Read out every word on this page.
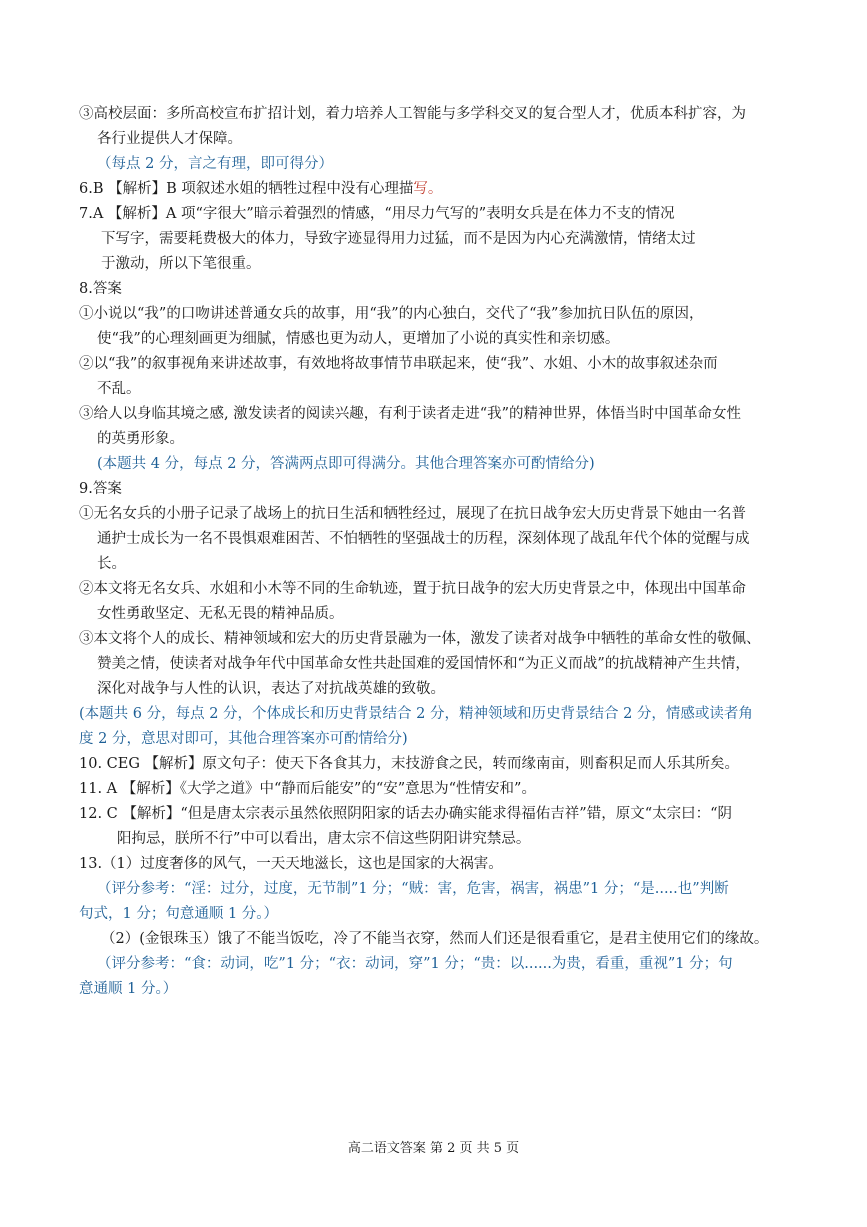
③高校层面：多所高校宣布扩招计划，着力培养人工智能与多学科交叉的复合型人才，优质本科扩容，为
各行业提供人才保障。
（每点 2 分，言之有理，即可得分）
6.B 【解析】B 项叙述水姐的牺牲过程中没有心理描写。
7.A 【解析】A 项“字很大”暗示着强烈的情感，“用尽力气写的”表明女兵是在体力不支的情况
下写字，需要耗费极大的体力，导致字迹显得用力过猛，而不是因为内心充满激情，情绪太过
于激动，所以下笔很重。
8.答案
①小说以“我”的口吻讲述普通女兵的故事，用“我”的内心独白，交代了“我”参加抗日队伍的原因，
使“我”的心理刻画更为细腻，情感也更为动人，更增加了小说的真实性和亲切感。
②以“我”的叙事视角来讲述故事，有效地将故事情节串联起来，使“我”、水姐、小木的故事叙述杂而
不乱。
③给人以身临其境之感, 激发读者的阅读兴趣，有利于读者走进“我”的精神世界，体悟当时中国革命女性
的英勇形象。
(本题共 4 分，每点 2 分，答满两点即可得满分。其他合理答案亦可酌情给分)
9.答案
①无名女兵的小册子记录了战场上的抗日生活和牺牲经过，展现了在抗日战争宏大历史背景下她由一名普
通护士成长为一名不畏惧艰难困苦、不怕牺牲的坚强战士的历程，深刻体现了战乱年代个体的觉醒与成
长。
②本文将无名女兵、水姐和小木等不同的生命轨迹，置于抗日战争的宏大历史背景之中，体现出中国革命
女性勇敢坚定、无私无畏的精神品质。
③本文将个人的成长、精神领域和宏大的历史背景融为一体，激发了读者对战争中牺牲的革命女性的敬佩、
赞美之情，使读者对战争年代中国革命女性共赴国难的爱国情怀和“为正义而战”的抗战精神产生共情，
深化对战争与人性的认识，表达了对抗战英雄的致敬。
(本题共 6 分，每点 2 分，个体成长和历史背景结合 2 分，精神领域和历史背景结合 2 分，情感或读者角
度 2 分，意思对即可，其他合理答案亦可酌情给分)
10. CEG 【解析】原文句子：使天下各食其力，末技游食之民，转而缘南亩，则畜积足而人乐其所矣。
11. A 【解析】《大学之道》中“静而后能安”的“安”意思为“性情安和”。
12. C 【解析】“但是唐太宗表示虽然依照阴阳家的话去办确实能求得福佑吉祥”错，原文“太宗曰：“阴
阳拘忌，朕所不行”中可以看出，唐太宗不信这些阴阳讲究禁忌。
13.（1）过度奢侈的风气，一天天地滋长，这也是国家的大祸害。
（评分参考：“淫：过分，过度，无节制”1 分；“贼：害，危害，祸害，祸患”1 分；“是.....也”判断
句式，1 分；句意通顺 1 分。）
（2）(金银珠玉）饿了不能当饭吃，冷了不能当衣穿，然而人们还是很看重它，是君主使用它们的缘故。
（评分参考：“食：动词，吃”1 分；“衣：动词，穿”1 分；“贵：以......为贵，看重，重视”1 分；句
意通顺 1 分。）
高二语文答案 第 2 页 共 5 页
